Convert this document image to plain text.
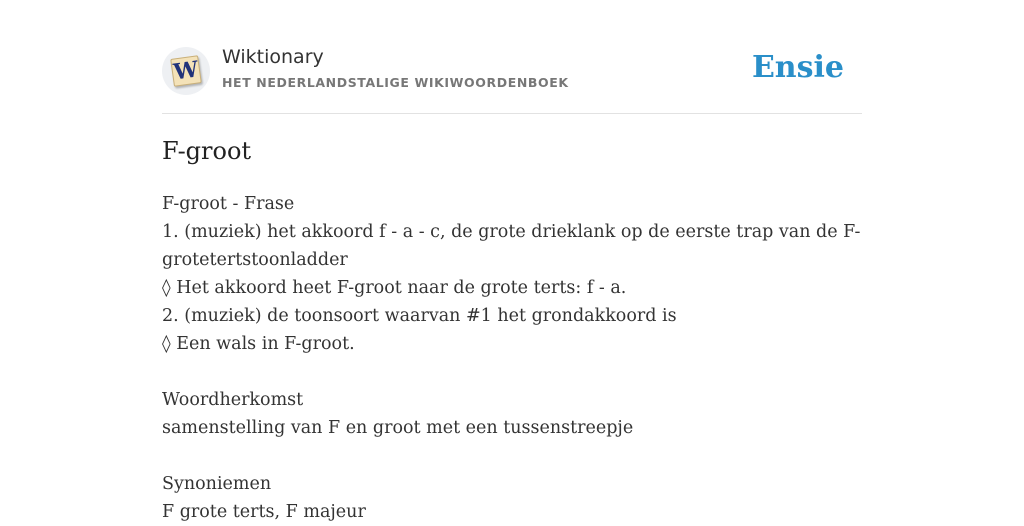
W Wiktionary
HET NEDERLANDSTALIGE WIKIWOORDENBOEK	Ensie
F-groot
F-groot - Frase
1. (muziek) het akkoord f - a - c, de grote drieklank op de eerste trap van de F-
grotetertstoonladder
◊ Het akkoord heet F-groot naar de grote terts: f - a.
2. (muziek) de toonsoort waarvan #1 het grondakkoord is
◊ Een wals in F-groot.
Woordherkomst
samenstelling van F en groot met een tussenstreepje
Synoniemen
F grote terts, F majeur
